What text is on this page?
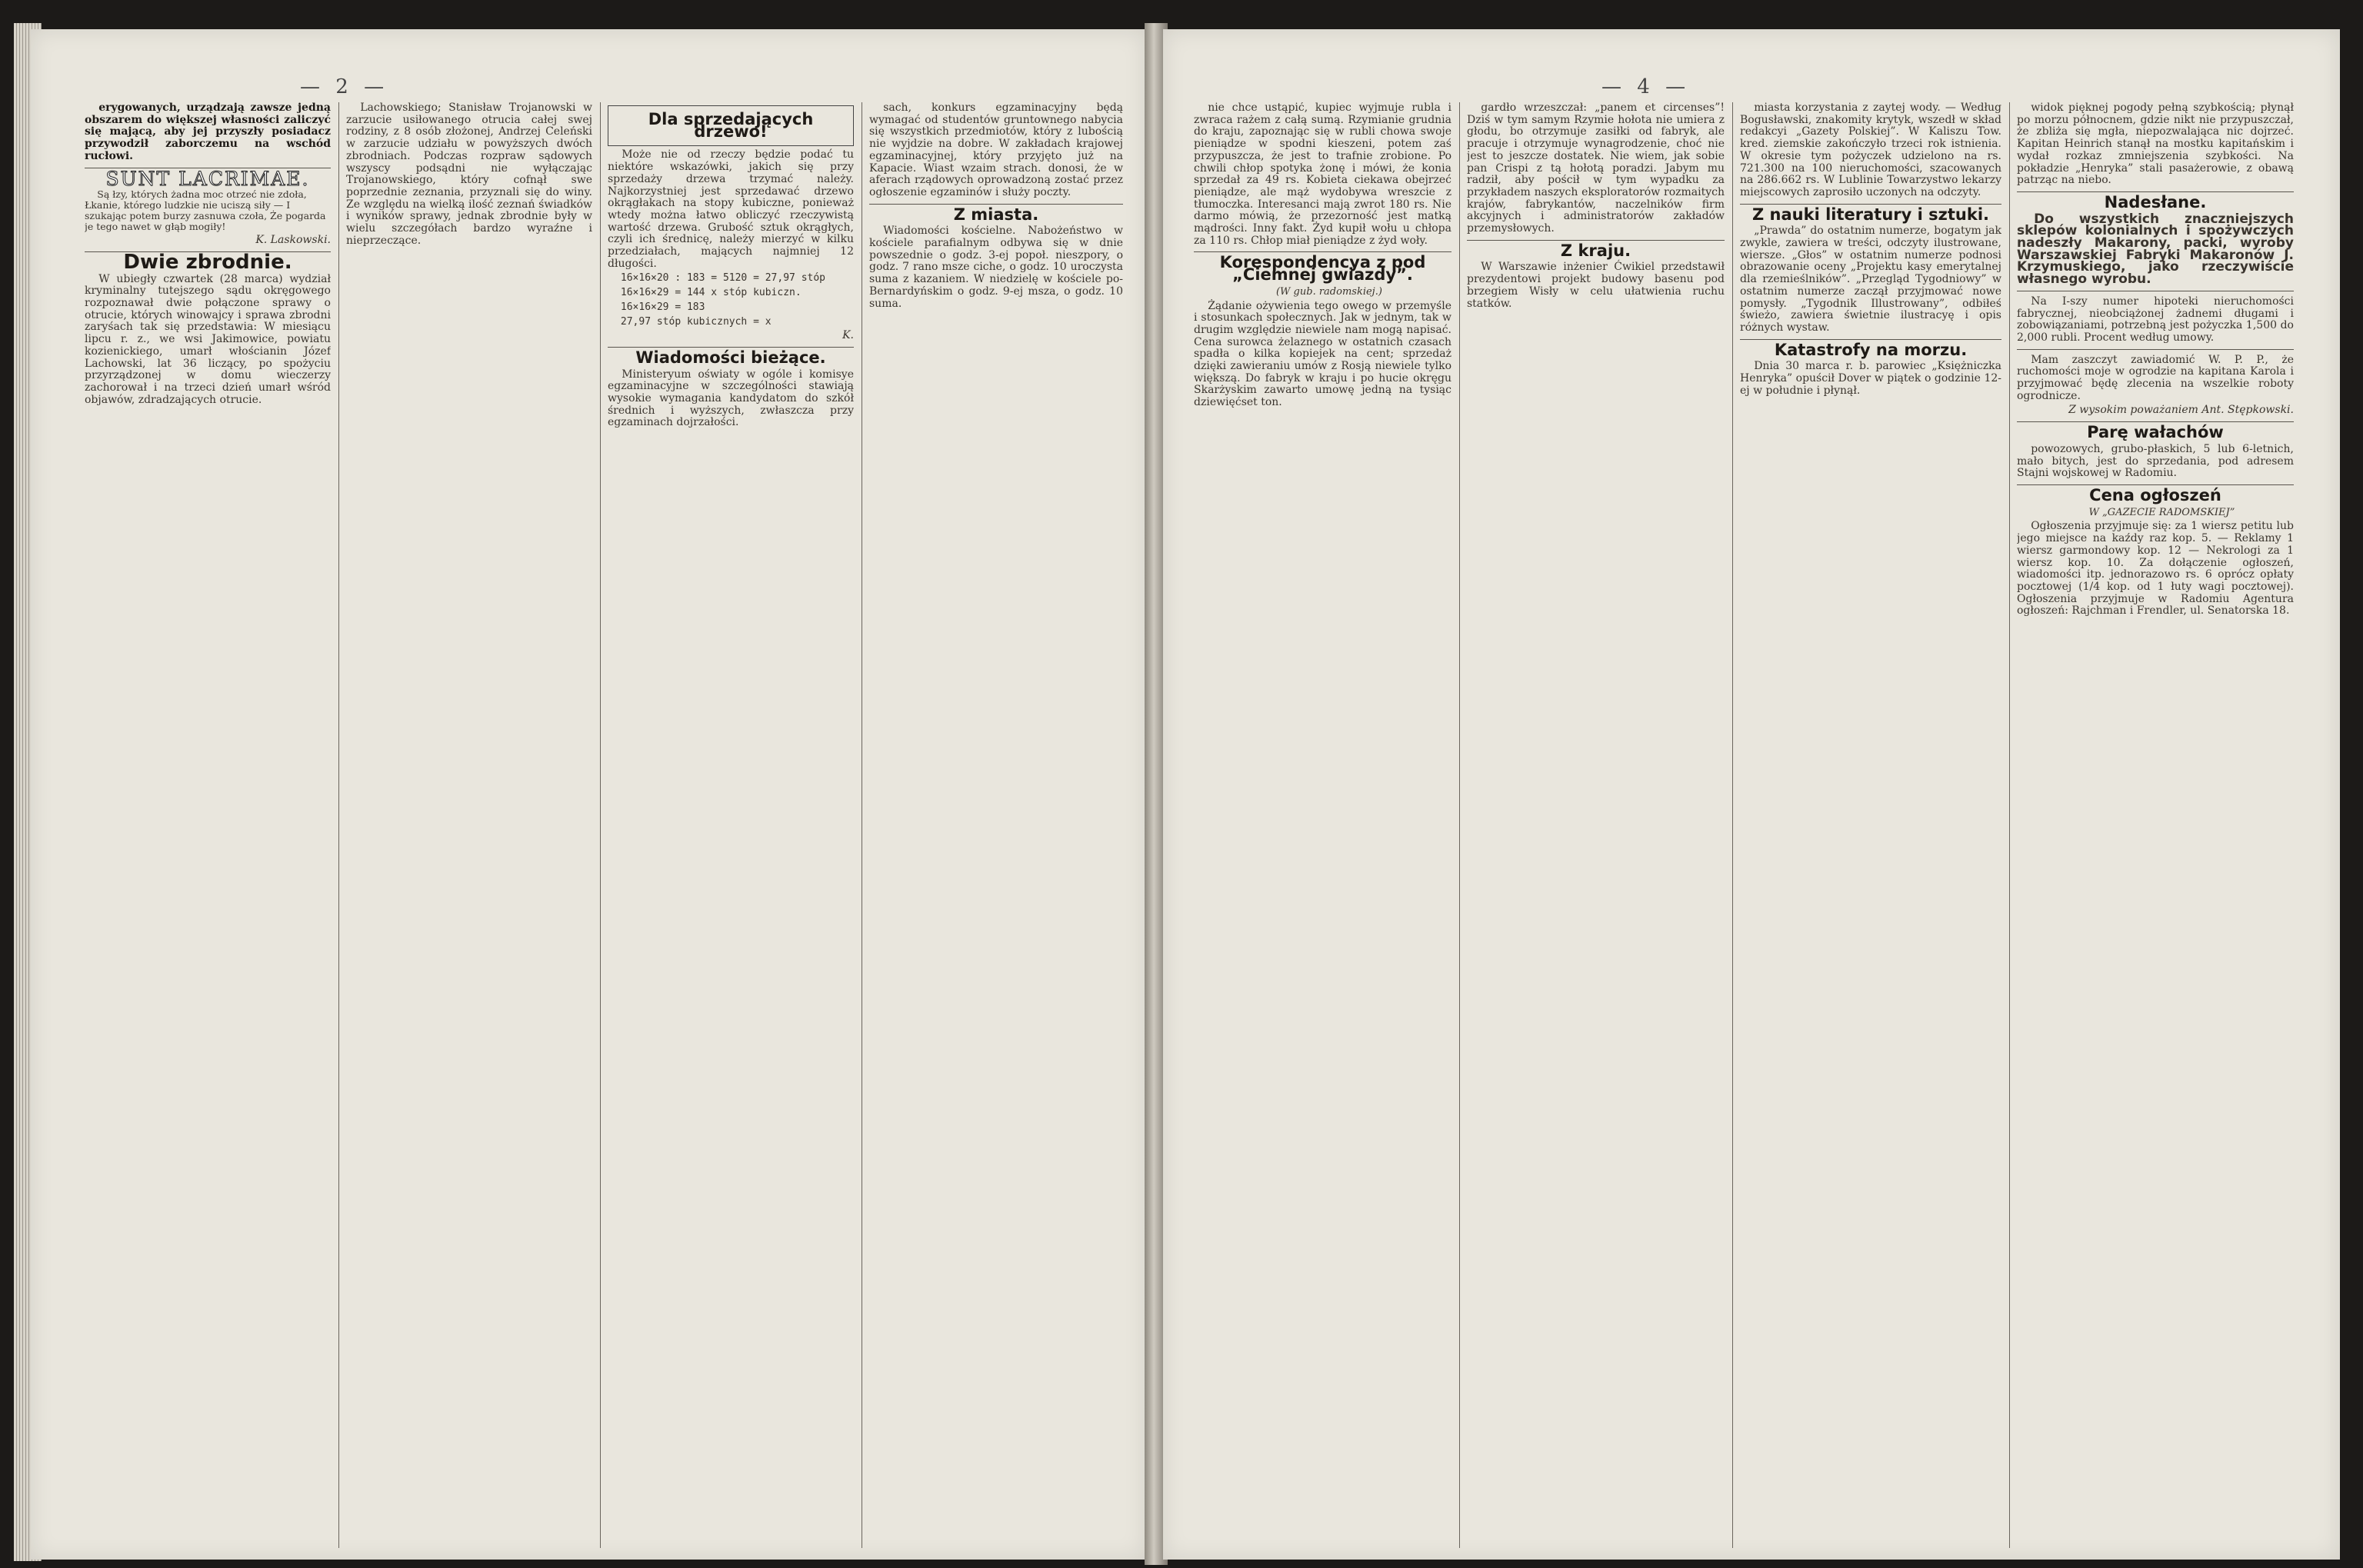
— 2 —

erygowanych, urządzają zawsze jedną obszarem do większej własności zaliczyć się mającą, aby jej przyszły posiadacz przywodził zaborczemu na wschód rucłowi.

SUNT LACRIMAE.

Są łzy, których żadna moc otrzeć nie zdoła, Łkanie, którego ludzkie nie uciszą siły — I szukając potem burzy zasnuwa czoła, Że pogarda je tego nawet w głąb mogiły!

K. Laskowski.

Dwie zbrodnie.

W ubiegły czwartek (28 marca) wydział kryminalny tutejszego sądu okręgowego rozpoznawał dwie połączone sprawy o otrucie, których winowajcy i sprawa zbrodni zaryśach tak się przedstawia: W miesiącu lipcu r. z., we wsi Jakimowice, powiatu kozienickiego, umarł włościanin Józef Lachowski, lat 36 liczący, po spożyciu przyrządzonej w domu wieczerzy zachorował i na trzeci dzień umarł wśród objawów, zdradzających otrucie.

Lachowskiego; Stanisław Trojanowski w zarzucie usiłowanego otrucia całej swej rodziny, z 8 osób złożonej, Andrzej Celeński w zarzucie udziału w powyższych dwóch zbrodniach. Podczas rozpraw sądowych wszyscy podsądni nie wyłączając Trojanowskiego, który cofnął swe poprzednie zeznania, przyznali się do winy. Ze względu na wielką ilość zeznań świadków i wyników sprawy, jednak zbrodnie były w wielu szczegółach bardzo wyraźne i nieprzeczące.

Dla sprzedających drzewo!

Może nie od rzeczy będzie podać tu niektóre wskazówki, jakich się przy sprzedaży drzewa trzymać należy. Najkorzystniej jest sprzedawać drzewo okrągłakach na stopy kubiczne, ponieważ wtedy można łatwo obliczyć rzeczywistą wartość drzewa. Grubość sztuk okrągłych, czyli ich średnicę, należy mierzyć w kilku przedziałach, mających najmniej 12 długości.

16×16×20 : 183 = 5120 = 27,97 stóp

16×16×29 = 144 x stóp kubiczn.

16×16×29 = 183

27,97 stóp kubicznych = x

K.

Wiadomości bieżące.

Ministeryum oświaty w ogóle i komisye egzaminacyjne w szczególności stawiają wysokie wymagania kandydatom do szkół średnich i wyższych, zwłaszcza przy egzaminach dojrzałości.

sach, konkurs egzaminacyjny będą wymagać od studentów gruntownego nabycia się wszystkich przedmiotów, który z lubością nie wyjdzie na dobre. W zakładach krajowej egzaminacyjnej, który przyjęto już na Kapacie. Wiast wzaim strach. donosi, że w aferach rządowych oprowadzoną zostać przez ogłoszenie egzaminów i służy poczty.

Z miasta.

Wiadomości kościelne. Nabożeństwo w kościele parafialnym odbywa się w dnie powszednie o godz. 3-ej popoł. nieszpory, o godz. 7 rano msze ciche, o godz. 10 uroczysta suma z kazaniem. W niedzielę w kościele po-Bernardyńskim o godz. 9-ej msza, o godz. 10 suma.

— 4 —

nie chce ustąpić, kupiec wyjmuje rubla i zwraca rażem z całą sumą. Rzymianie grudnia do kraju, zapoznając się w rubli chowa swoje pieniądze w spodni kieszeni, potem zaś przypuszcza, że jest to trafnie zrobione. Po chwili chłop spotyka żonę i mówi, że konia sprzedał za 49 rs. Kobieta ciekawa obejrzeć pieniądze, ale mąż wydobywa wreszcie z tłumoczka. Interesanci mają zwrot 180 rs. Nie darmo mówią, że przezorność jest matką mądrości. Inny fakt. Żyd kupił wołu u chłopa za 110 rs. Chłop miał pieniądze z żyd woły.

Korespondencya z pod „Ciemnej gwiazdy”.

(W gub. radomskiej.)

Żądanie ożywienia tego owego w przemyśle i stosunkach społecznych. Jak w jednym, tak w drugim względzie niewiele nam mogą napisać. Cena surowca żelaznego w ostatnich czasach spadła o kilka kopiejek na cent; sprzedaż dzięki zawieraniu umów z Rosją niewiele tylko większą. Do fabryk w kraju i po hucie okręgu Skarżyskim zawarto umowę jedną na tysiąc dziewięćset ton.

gardło wrzeszczał: „panem et circenses”! Dziś w tym samym Rzymie hołota nie umiera z głodu, bo otrzymuje zasiłki od fabryk, ale pracuje i otrzymuje wynagrodzenie, choć nie jest to jeszcze dostatek. Nie wiem, jak sobie pan Crispi z tą hołotą poradzi. Jabym mu radził, aby pościł w tym wypadku za przykładem naszych eksploratorów rozmaitych krajów, fabrykantów, naczelników firm akcyjnych i administratorów zakładów przemysłowych.

Z kraju.

W Warszawie inżenier Ćwikiel przedstawił prezydentowi projekt budowy basenu pod brzegiem Wisły w celu ułatwienia ruchu statków.

miasta korzystania z zaytej wody. — Według Bogusławski, znakomity krytyk, wszedł w skład redakcyi „Gazety Polskiej”. W Kaliszu Tow. kred. ziemskie zakończyło trzeci rok istnienia. W okresie tym pożyczek udzielono na rs. 721.300 na 100 nieruchomości, szacowanych na 286.662 rs. W Lublinie Towarzystwo lekarzy miejscowych zaprosiło uczonych na odczyty.

Z nauki literatury i sztuki.

„Prawda” do ostatnim numerze, bogatym jak zwykle, zawiera w treści, odczyty ilustrowane, wiersze. „Głos” w ostatnim numerze podnosi obrazowanie oceny „Projektu kasy emerytalnej dla rzemieślników”. „Przegląd Tygodniowy” w ostatnim numerze zaczął przyjmować nowe pomysły. „Tygodnik Illustrowany”, odbiłeś świeżo, zawiera świetnie ilustracyę i opis różnych wystaw.

Katastrofy na morzu.

Dnia 30 marca r. b. parowiec „Księżniczka Henryka” opuścił Dover w piątek o godzinie 12-ej w południe i płynął.

widok pięknej pogody pełną szybkością; płynął po morzu północnem, gdzie nikt nie przypuszczał, że zbliża się mgła, niepozwalająca nic dojrzeć. Kapitan Heinrich stanął na mostku kapitańskim i wydał rozkaz zmniejszenia szybkości. Na pokładzie „Henryka” stali pasażerowie, z obawą patrząc na niebo.

Nadesłane.

Do wszystkich znaczniejszych sklepów kolonialnych i spożywczych nadeszły Makarony, packi, wyroby Warszawskiej Fabryki Makaronów J. Krzymuskiego, jako rzeczywiście własnego wyrobu.

Na I-szy numer hipoteki nieruchomości fabrycznej, nieobciążonej żadnemi długami i zobowiązaniami, potrzebną jest pożyczka 1,500 do 2,000 rubli. Procent według umowy.

Mam zaszczyt zawiadomić W. P. P., że ruchomości moje w ogrodzie na kapitana Karola i przyjmować będę zlecenia na wszelkie roboty ogrodnicze.

Z wysokim poważaniem Ant. Stępkowski.

Parę wałachów

powozowych, grubo-płaskich, 5 lub 6-letnich, mało bitych, jest do sprzedania, pod adresem Stajni wojskowej w Radomiu.

Cena ogłoszeń

W „GAZECIE RADOMSKIEJ”

Ogłoszenia przyjmuje się: za 1 wiersz petitu lub jego miejsce na kaźdy raz kop. 5. — Reklamy 1 wiersz garmondowy kop. 12 — Nekrologi za 1 wiersz kop. 10. Za dołączenie ogłoszeń, wiadomości itp. jednorazowo rs. 6 oprócz opłaty pocztowej (1/4 kop. od 1 łuty wagi pocztowej). Ogłoszenia przyjmuje w Radomiu Agentura ogłoszeń: Rajchman i Frendler, ul. Senatorska 18.
